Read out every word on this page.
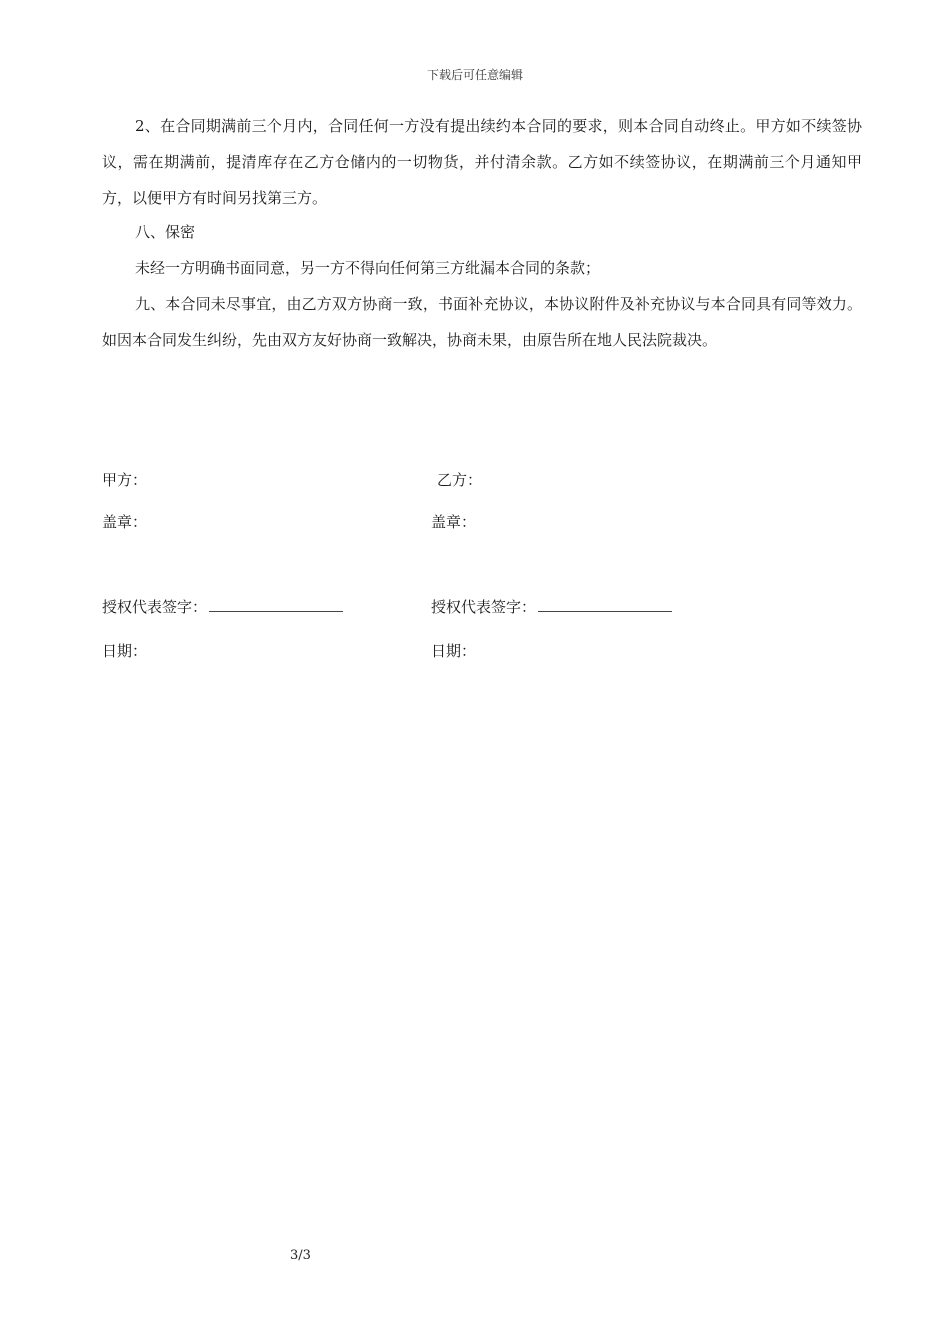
下载后可任意编辑

2、在合同期满前三个月内，合同任何一方没有提出续约本合同的要求，则本合同自动终止。甲方如不续签协议，需在期满前，提清库存在乙方仓储内的一切物货，并付清余款。乙方如不续签协议，在期满前三个月通知甲方，以便甲方有时间另找第三方。

八、保密

未经一方明确书面同意，另一方不得向任何第三方纰漏本合同的条款；

九、本合同未尽事宜，由乙方双方协商一致，书面补充协议，本协议附件及补充协议与本合同具有同等效力。如因本合同发生纠纷，先由双方友好协商一致解决，协商未果，由原告所在地人民法院裁决。

甲方：
盖章：
授权代表签字：
日期：
乙方：
盖章：
授权代表签字：
日期：
3/3
